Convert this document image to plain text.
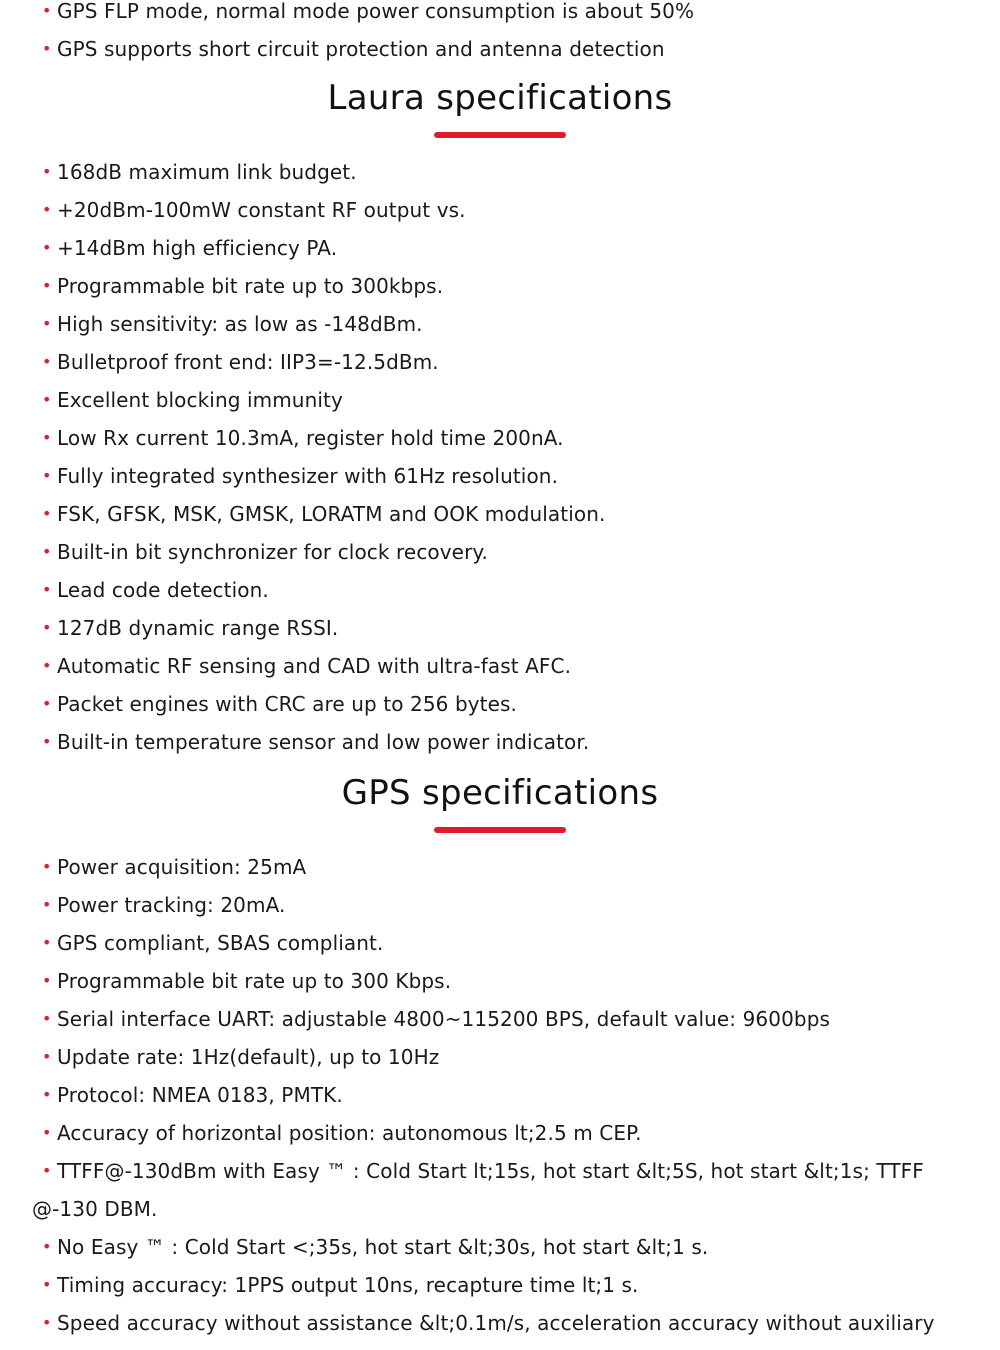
• GPS FLP mode, normal mode power consumption is about 50%
• GPS supports short circuit protection and antenna detection
Laura specifications
• 168dB maximum link budget.
• +20dBm-100mW constant RF output vs.
• +14dBm high efficiency PA.
• Programmable bit rate up to 300kbps.
• High sensitivity: as low as -148dBm.
• Bulletproof front end: IIP3=-12.5dBm.
• Excellent blocking immunity
• Low Rx current 10.3mA, register hold time 200nA.
• Fully integrated synthesizer with 61Hz resolution.
• FSK, GFSK, MSK, GMSK, LORATM and OOK modulation.
• Built-in bit synchronizer for clock recovery.
• Lead code detection.
• 127dB dynamic range RSSI.
• Automatic RF sensing and CAD with ultra-fast AFC.
• Packet engines with CRC are up to 256 bytes.
• Built-in temperature sensor and low power indicator.
GPS specifications
• Power acquisition: 25mA
• Power tracking: 20mA.
• GPS compliant, SBAS compliant.
• Programmable bit rate up to 300 Kbps.
• Serial interface UART: adjustable 4800~115200 BPS, default value: 9600bps
• Update rate: 1Hz(default), up to 10Hz
• Protocol: NMEA 0183, PMTK.
• Accuracy of horizontal position: autonomous lt;2.5 m CEP.
• TTFF@-130dBm with Easy ™ : Cold Start lt;15s, hot start &lt;5S, hot start &lt;1s; TTFF @-130 DBM.
• No Easy ™ : Cold Start <;35s, hot start &lt;30s, hot start &lt;1 s.
• Timing accuracy: 1PPS output 10ns, recapture time lt;1 s.
• Speed accuracy without assistance &lt;0.1m/s, acceleration accuracy without auxiliary
